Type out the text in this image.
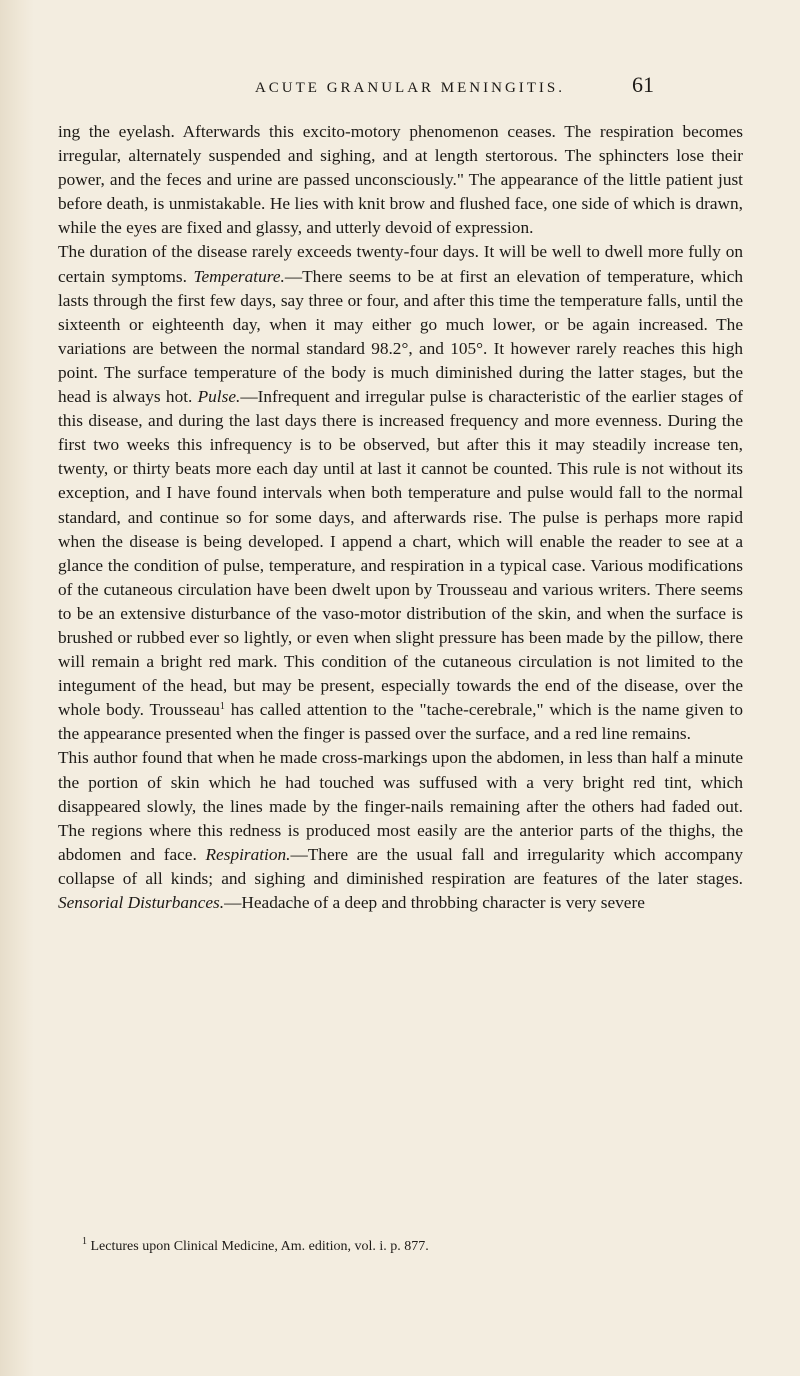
ACUTE GRANULAR MENINGITIS.	61

ing the eyelash. Afterwards this excito-motory phenomenon ceases. The respiration becomes irregular, alternately suspended and sighing, and at length stertorous. The sphincters lose their power, and the feces and urine are passed unconsciously." The appearance of the little patient just before death, is unmistakable. He lies with knit brow and flushed face, one side of which is drawn, while the eyes are fixed and glassy, and utterly devoid of expression.

The duration of the disease rarely exceeds twenty-four days. It will be well to dwell more fully on certain symptoms. Temperature.—There seems to be at first an elevation of temperature, which lasts through the first few days, say three or four, and after this time the temperature falls, until the sixteenth or eighteenth day, when it may either go much lower, or be again increased. The variations are between the normal standard 98.2°, and 105°. It however rarely reaches this high point. The surface temperature of the body is much diminished during the latter stages, but the head is always hot. Pulse.—Infrequent and irregular pulse is characteristic of the earlier stages of this disease, and during the last days there is increased frequency and more evenness. During the first two weeks this infrequency is to be observed, but after this it may steadily increase ten, twenty, or thirty beats more each day until at last it cannot be counted. This rule is not without its exception, and I have found intervals when both temperature and pulse would fall to the normal standard, and continue so for some days, and afterwards rise. The pulse is perhaps more rapid when the disease is being developed. I append a chart, which will enable the reader to see at a glance the condition of pulse, temperature, and respiration in a typical case. Various modifications of the cutaneous circulation have been dwelt upon by Trousseau and various writers. There seems to be an extensive disturbance of the vaso-motor distribution of the skin, and when the surface is brushed or rubbed ever so lightly, or even when slight pressure has been made by the pillow, there will remain a bright red mark. This condition of the cutaneous circulation is not limited to the integument of the head, but may be present, especially towards the end of the disease, over the whole body. Trousseau$^1$ has called attention to the "tache-cerebrale," which is the name given to the appearance presented when the finger is passed over the surface, and a red line remains.

This author found that when he made cross-markings upon the abdomen, in less than half a minute the portion of skin which he had touched was suffused with a very bright red tint, which disappeared slowly, the lines made by the finger-nails remaining after the others had faded out. The regions where this redness is produced most easily are the anterior parts of the thighs, the abdomen and face. Respiration.—There are the usual fall and irregularity which accompany collapse of all kinds; and sighing and diminished respiration are features of the later stages. Sensorial Disturbances.—Headache of a deep and throbbing character is very severe

$^1$ Lectures upon Clinical Medicine, Am. edition, vol. i. p. 877.
